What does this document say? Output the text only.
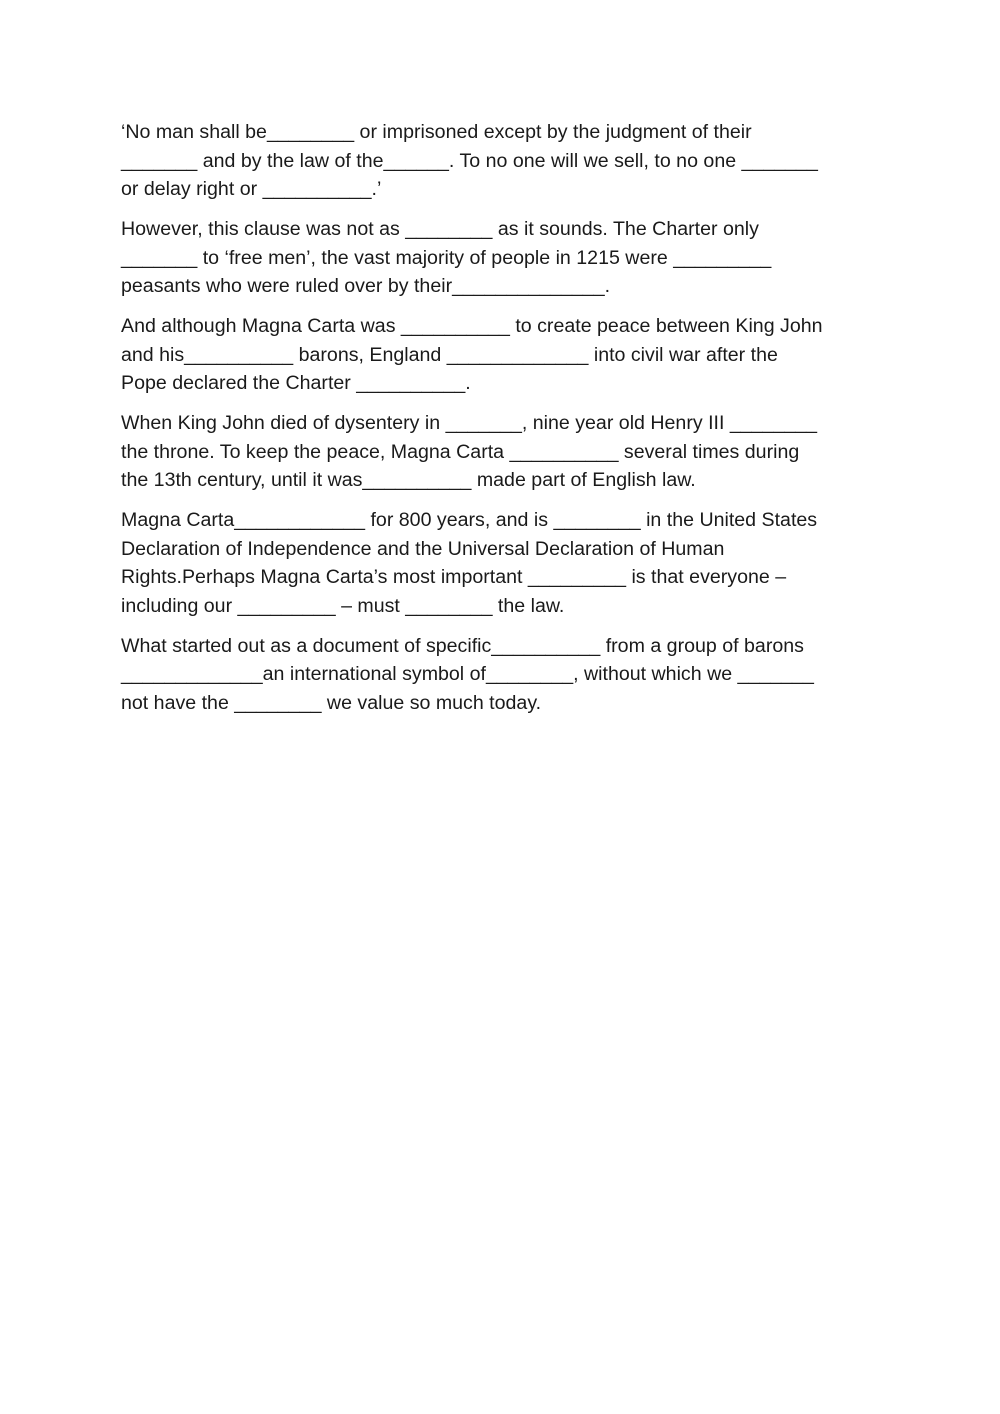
‘No man shall be________ or imprisoned except by the judgment of their
_______ and by the law of the______. To no one will we sell, to no one _______
or delay right or __________.’

However, this clause was not as ________ as it sounds. The Charter only
_______ to ‘free men’, the vast majority of people in 1215 were _________
peasants who were ruled over by their______________.

And although Magna Carta was __________ to create peace between King John
and his__________ barons, England _____________ into civil war after the
Pope declared the Charter __________.

When King John died of dysentery in _______, nine year old Henry III ________
the throne. To keep the peace, Magna Carta __________ several times during
the 13th century, until it was__________ made part of English law.

Magna Carta____________ for 800 years, and is ________ in the United States
Declaration of Independence and the Universal Declaration of Human
Rights.Perhaps Magna Carta’s most important _________ is that everyone –
including our _________ – must ________ the law.

What started out as a document of specific__________ from a group of barons
_____________an international symbol of________, without which we _______
not have the ________ we value so much today.
